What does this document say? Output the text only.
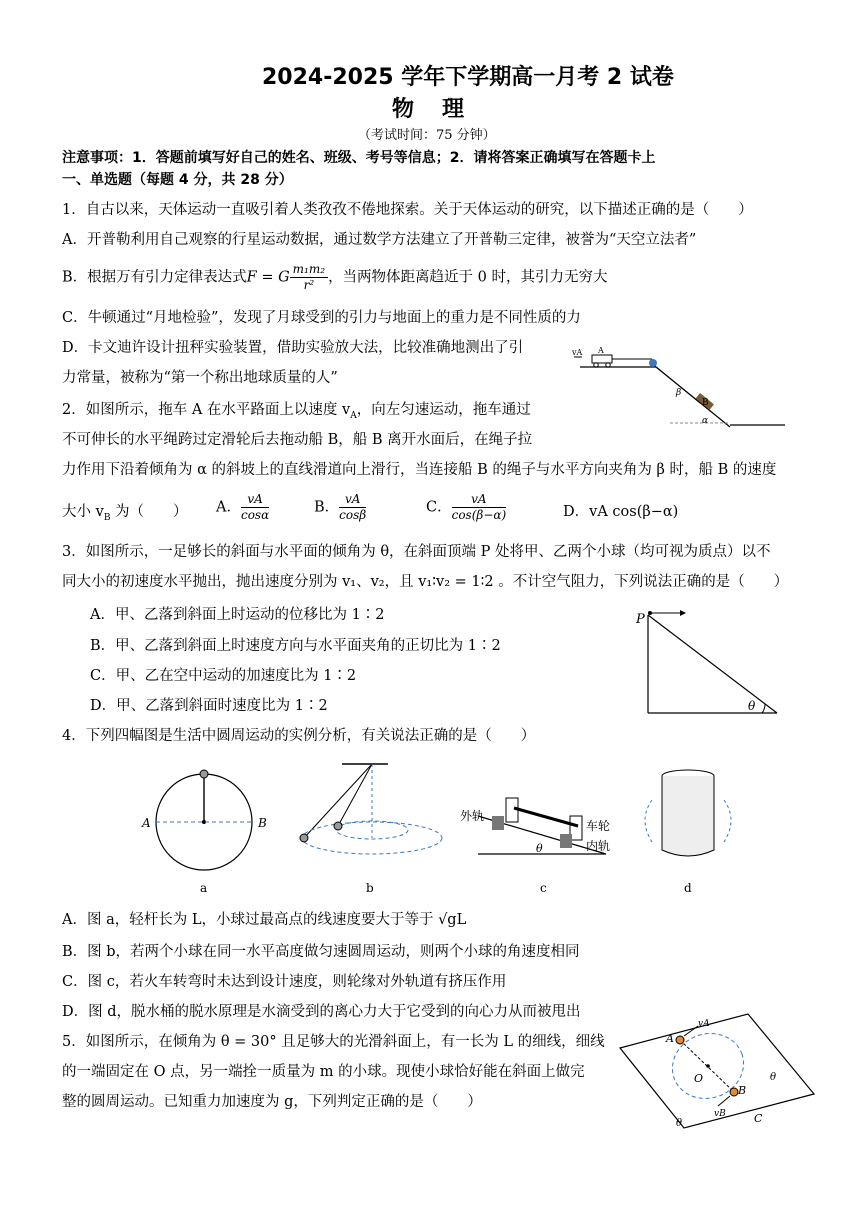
2024-2025 学年下学期高一月考 2 试卷
物理
（考试时间：75 分钟）
注意事项：1．答题前填写好自己的姓名、班级、考号等信息；2．请将答案正确填写在答题卡上
一、单选题（每题 4 分，共 28 分）
1．自古以来，天体运动一直吸引着人类孜孜不倦地探索。关于天体运动的研究，以下描述正确的是（　　）
A．开普勒利用自己观察的行星运动数据，通过数学方法建立了开普勒三定律，被誉为“天空立法者”
B．根据万有引力定律表达式F = G $\frac{\text{m₁m₂}}{\text{r²}}$ ，当两物体距离趋近于 0 时，其引力无穷大
C．牛顿通过“月地检验”，发现了月球受到的引力与地面上的重力是不同性质的力
D．卡文迪许设计扭秤实验装置，借助实验放大法，比较准确地测出了引
力常量，被称为“第一个称出地球质量的人”
2．如图所示，拖车 A 在水平路面上以速度 $v_A$，向左匀速运动，拖车通过
不可伸长的水平绳跨过定滑轮后去拖动船 B，船 B 离开水面后，在绳子拉
力作用下沿着倾角为 α 的斜坡上的直线滑道向上滑行，当连接船 B 的绳子与水平方向夹角为 β 时，船 B 的速度
大小 $v_B$ 为（　　） A． $\frac{vA}{\cos\alpha}$	B． $\frac{vA}{\cos\beta}$	C． $\frac{vA}{\cos(\beta-\alpha)}$	D．vA cos(β−α)
vA A
B
β
α
3．如图所示，一足够长的斜面与水平面的倾角为 θ，在斜面顶端 P 处将甲、乙两个小球（均可视为质点）以不
同大小的初速度水平抛出，抛出速度分别为 v₁、v₂，且 v₁∶v₂ = 1∶2 。不计空气阻力，下列说法正确的是（　　）
A．甲、乙落到斜面上时运动的位移比为 1∶2
B．甲、乙落到斜面上时速度方向与水平面夹角的正切比为 1∶2
C．甲、乙在空中运动的加速度比为 1∶2
D．甲、乙落到斜面时速度比为 1∶2
P
θ
4．下列四幅图是生活中圆周运动的实例分析，有关说法正确的是（　　）
A	B
a	b
外轨
车轮
内轨
θ
c	d
A．图 a，轻杆长为 L，小球过最高点的线速度要大于等于 √gL
B．图 b，若两个小球在同一水平高度做匀速圆周运动，则两个小球的角速度相同
C．图 c，若火车转弯时未达到设计速度，则轮缘对外轨道有挤压作用
D．图 d，脱水桶的脱水原理是水滴受到的离心力大于它受到的向心力从而被甩出
5．如图所示，在倾角为 θ = 30° 且足够大的光滑斜面上，有一长为 L 的细线，细线
的一端固定在 O 点，另一端拴一质量为 m 的小球。现使小球恰好能在斜面上做完
整的圆周运动。已知重力加速度为 g，下列判定正确的是（　　）
A
vA
O
B
vB	C
θ
θ
